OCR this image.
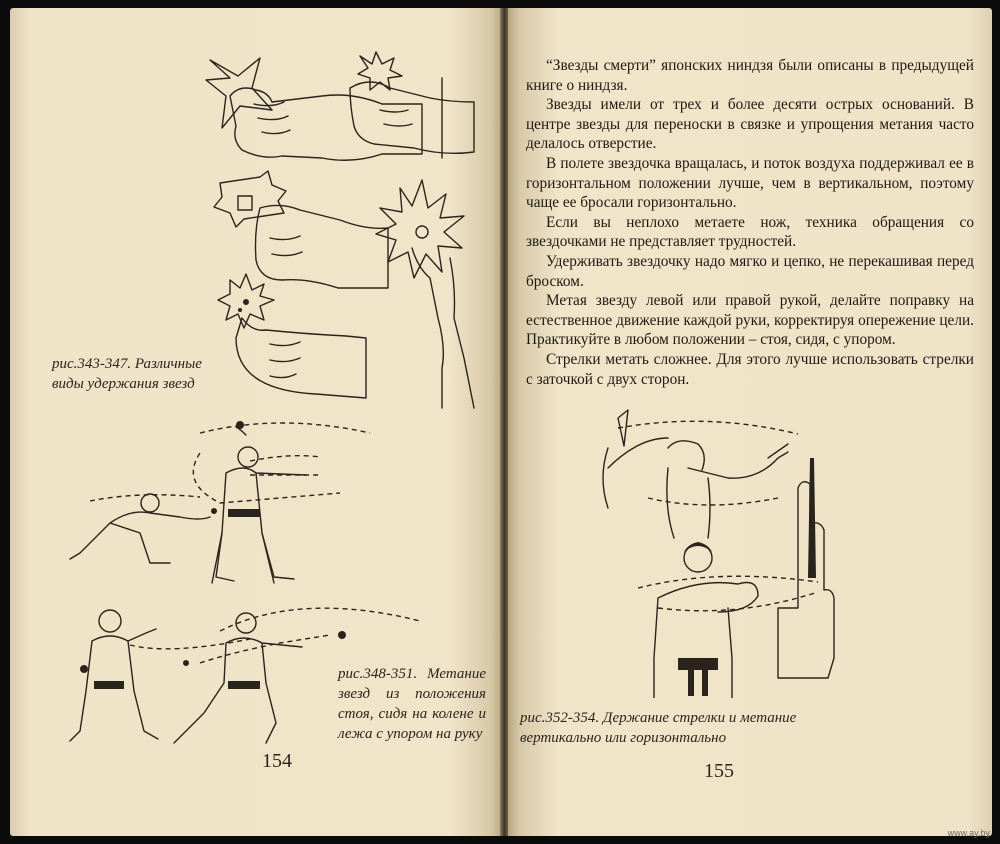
рис.343-347. Различные виды удержания звезд
рис.348-351. Метание звезд из положения стоя, сидя на колене и лежа с упором на руку
154

“Звезды смерти” японских ниндзя были описаны в предыдущей книге о ниндзя.

Звезды имели от трех и более десяти острых оснований. В центре звезды для переноски в связке и упрощения метания часто делалось отверстие.

В полете звездочка вращалась, и поток воздуха поддерживал ее в горизонтальном положении лучше, чем в вертикальном, поэтому чаще ее бросали горизонтально.

Если вы неплохо метаете нож, техника обращения со звездочками не представляет трудностей.

Удерживать звездочку надо мягко и цепко, не перекашивая перед броском.

Метая звезду левой или правой рукой, делайте поправку на естественное движение каждой руки, корректируя опережение цели. Практикуйте в любом положении – стоя, сидя, с упором.

Стрелки метать сложнее. Для этого лучше использовать стрелки с заточкой с двух сторон.

рис.352-354. Держание стрелки и метание вертикально или горизонтально
155
www.ay.by
